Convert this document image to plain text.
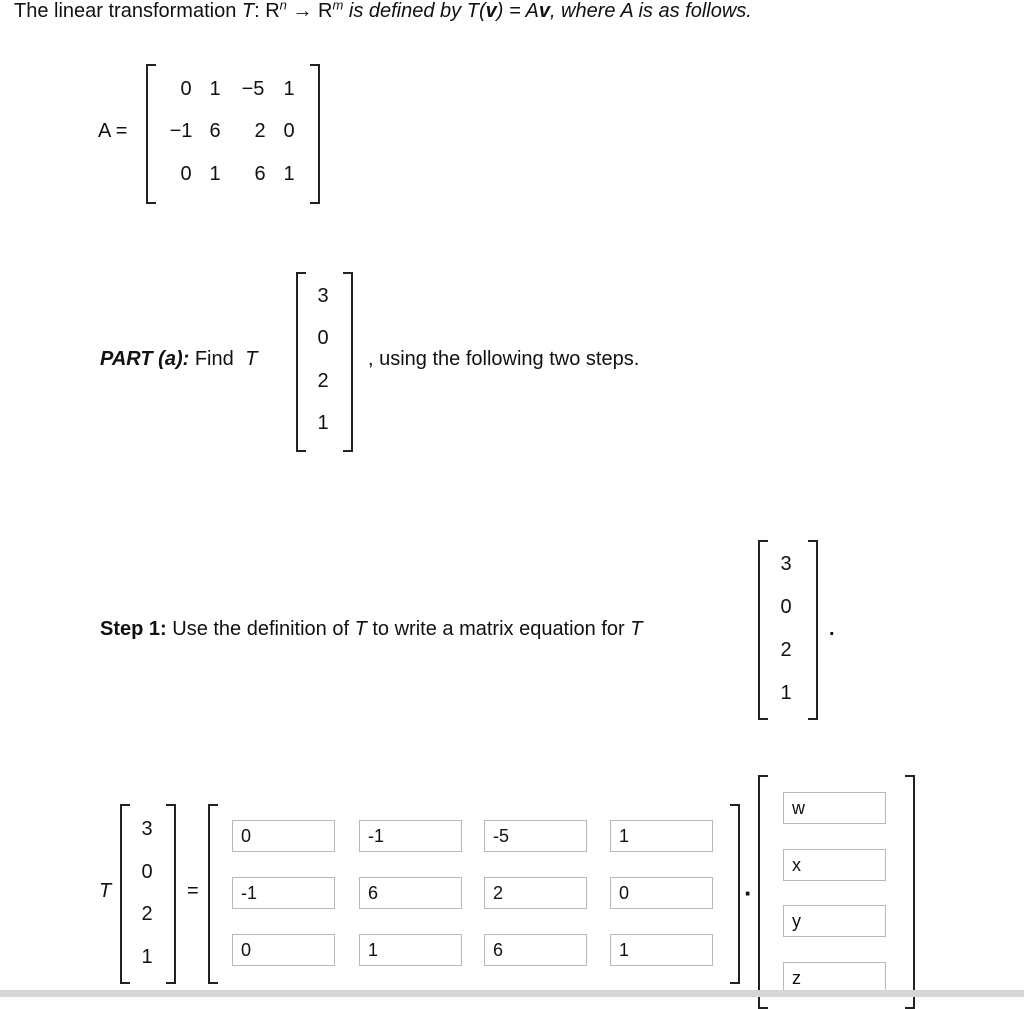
The linear transformation T: $R^n \to R^m$ is defined by T(v) = Av, where A is as follows.
A =
0 1 −5 1
−1 6 2 0
0 1 6 1
PART (a): Find T
3
0
2
1
, using the following two steps.
Step 1: Use the definition of T to write a matrix equation for T
3
0
2
1
.
T
3
0
2
1
=
0
-1
-5
1
-1
6
2
0
0
1
6
1	·
w
x
y
z
